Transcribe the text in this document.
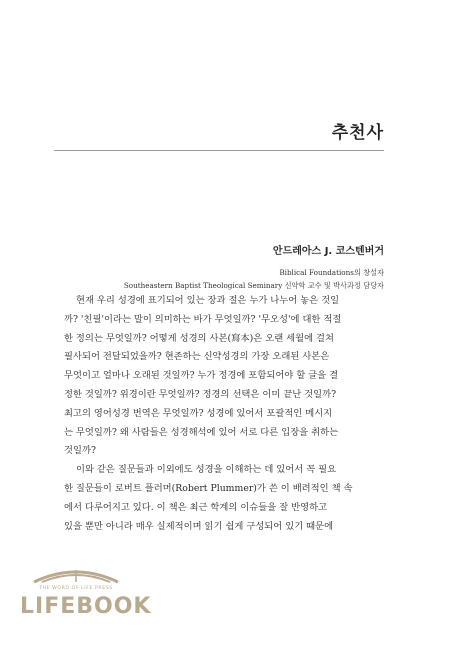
추천사
안드레아스 J. 코스텐버거
Biblical Foundations의 창설자
Southeastern Baptist Theological Seminary 신약학 교수 및 박사과정 담당자

현재 우리 성경에 표기되어 있는 장과 절은 누가 나누어 놓은 것일
까? '친필'이라는 말이 의미하는 바가 무엇일까? '무오성'에 대한 적절
한 정의는 무엇일까? 어떻게 성경의 사본(寫本)은 오랜 세월에 걸쳐
필사되어 전달되었을까? 현존하는 신약성경의 가장 오래된 사본은
무엇이고 얼마나 오래된 것일까? 누가 정경에 포함되어야 할 글을 결
정한 것일까? 위경이란 무엇일까? 정경의 선택은 이미 끝난 것일까?
최고의 영어성경 번역은 무엇일까? 성경에 있어서 포괄적인 메시지
는 무엇일까? 왜 사람들은 성경해석에 있어 서로 다른 입장을 취하는
것일까?

이와 같은 질문들과 이외에도 성경을 이해하는 데 있어서 꼭 필요
한 질문들이 로버트 플러머(Robert Plummer)가 쓴 이 배려적인 책 속
에서 다루어지고 있다. 이 책은 최근 학계의 이슈들을 잘 반영하고
있을 뿐만 아니라 매우 실제적이며 읽기 쉽게 구성되어 있기 때문에

THE WORD OF LIFE PRESS
LIFEBOOK
